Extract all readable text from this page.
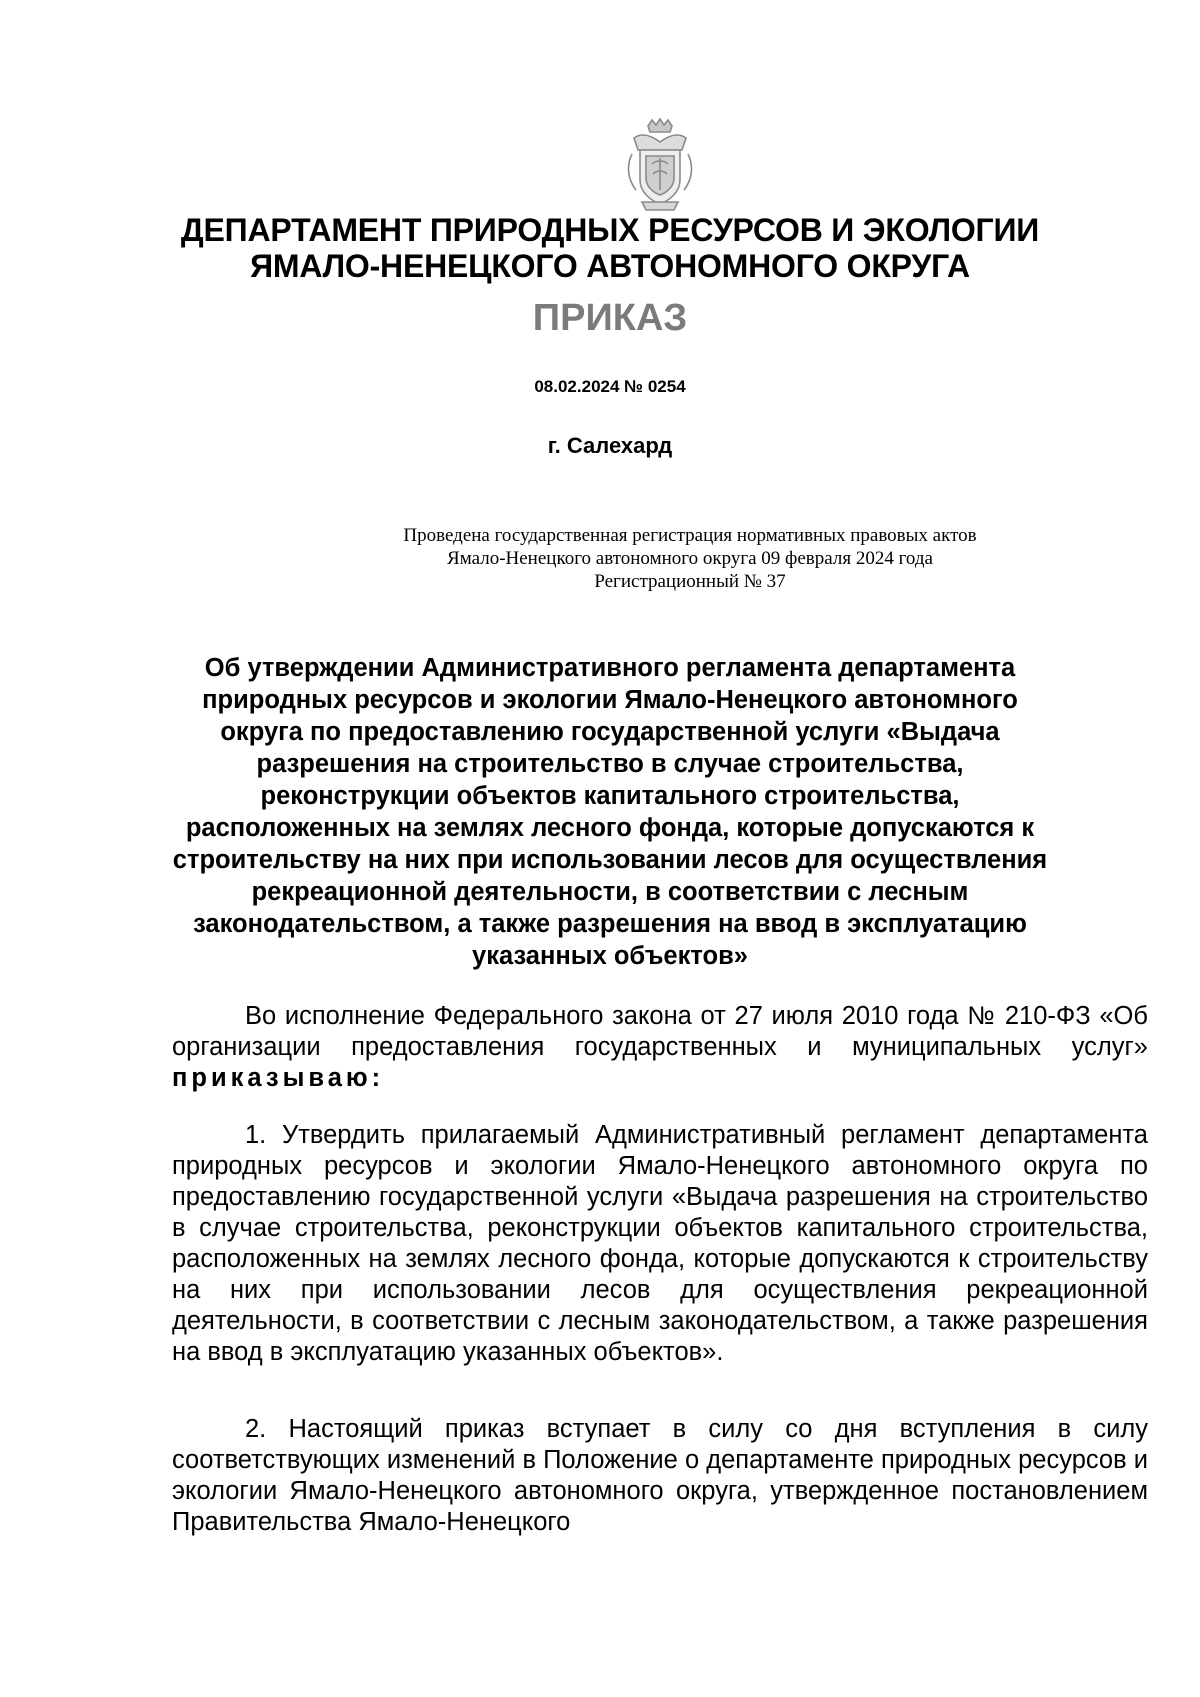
ДЕПАРТАМЕНТ ПРИРОДНЫХ РЕСУРСОВ И ЭКОЛОГИИ
ЯМАЛО-НЕНЕЦКОГО АВТОНОМНОГО ОКРУГА
ПРИКАЗ
08.02.2024 № 0254
г. Салехард
Проведена государственная регистрация нормативных правовых актов
Ямало-Ненецкого автономного округа 09 февраля 2024 года
Регистрационный № 37
Об утверждении Административного регламента департамента природных ресурсов и экологии Ямало-Ненецкого автономного округа по предоставлению государственной услуги «Выдача разрешения на строительство в случае строительства, реконструкции объектов капитального строительства, расположенных на землях лесного фонда, которые допускаются к строительству на них при использовании лесов для осуществления рекреационной деятельности, в соответствии с лесным законодательством, а также разрешения на ввод в эксплуатацию указанных объектов»

Во исполнение Федерального закона от 27 июля 2010 года № 210-ФЗ «Об организации предоставления государственных и муниципальных услуг» приказываю:

1. Утвердить прилагаемый Административный регламент департамента природных ресурсов и экологии Ямало-Ненецкого автономного округа по предоставлению государственной услуги «Выдача разрешения на строительство в случае строительства, реконструкции объектов капитального строительства, расположенных на землях лесного фонда, которые допускаются к строительству на них при использовании лесов для осуществления рекреационной деятельности, в соответствии с лесным законодательством, а также разрешения на ввод в эксплуатацию указанных объектов».

2. Настоящий приказ вступает в силу со дня вступления в силу соответствующих изменений в Положение о департаменте природных ресурсов и экологии Ямало-Ненецкого автономного округа, утвержденное постановлением Правительства Ямало-Ненецкого
